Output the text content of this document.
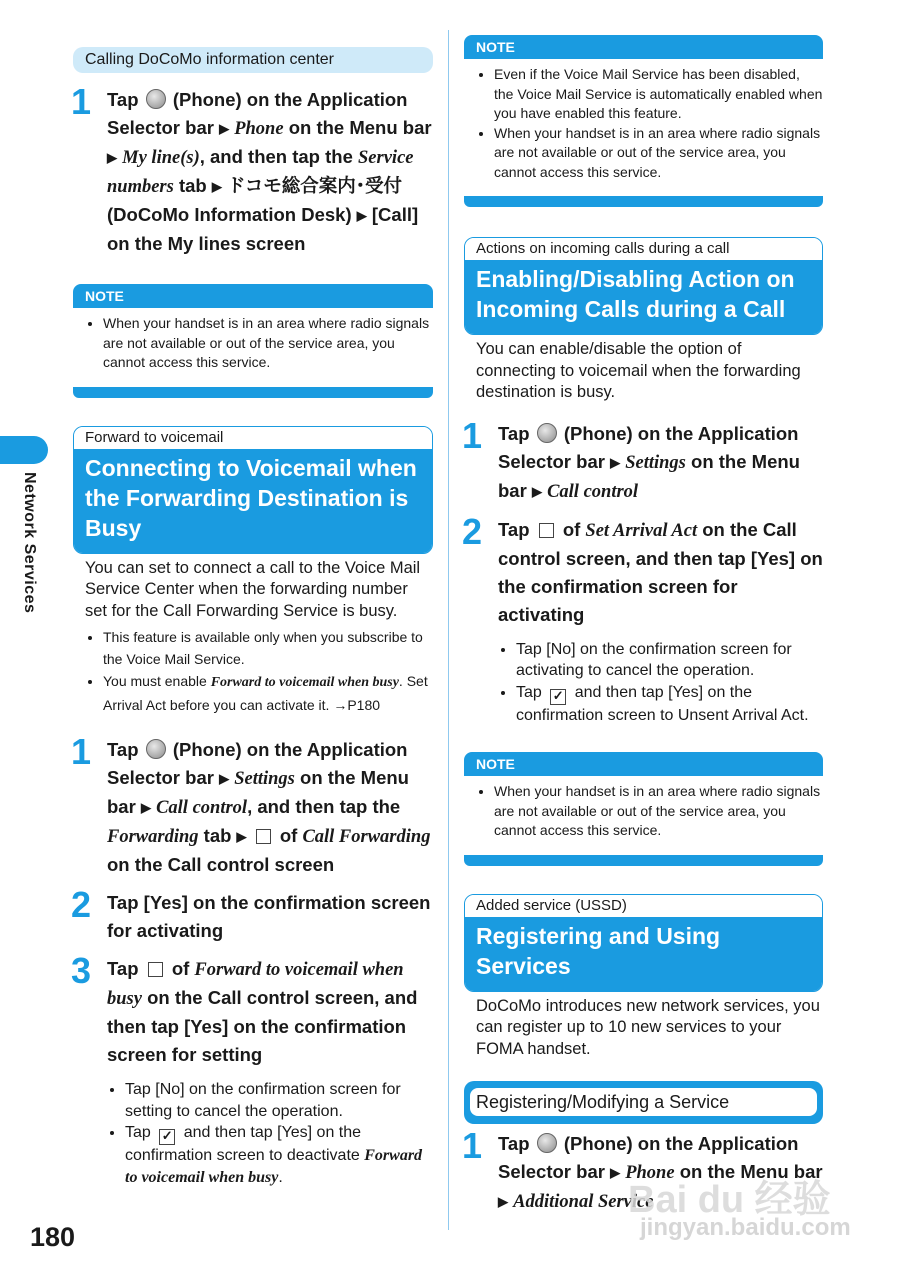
Network Services
Calling DoCoMo information center
1 Tap (Phone) on the Application Selector bar ▶ Phone on the Menu bar ▶ My line(s), and then tap the Service numbers tab ▶ ドコモ総合案内･受付(DoCoMo Information Desk) ▶ [Call] on the My lines screen
NOTE
• When your handset is in an area where radio signals are not available or out of the service area, you cannot access this service.
Forward to voicemail
Connecting to Voicemail when the Forwarding Destination is Busy
You can set to connect a call to the Voice Mail Service Center when the forwarding number set for the Call Forwarding Service is busy.
• This feature is available only when you subscribe to the Voice Mail Service.
• You must enable Forward to voicemail when busy. Set Arrival Act before you can activate it. →P180
1 Tap (Phone) on the Application Selector bar ▶ Settings on the Menu bar ▶ Call control, and then tap the Forwarding tab ▶ of Call Forwarding on the Call control screen
2 Tap [Yes] on the confirmation screen for activating
3 Tap of Forward to voicemail when busy on the Call control screen, and then tap [Yes] on the confirmation screen for setting
• Tap [No] on the confirmation screen for setting to cancel the operation.
• Tap ✓ and then tap [Yes] on the confirmation screen to deactivate Forward to voicemail when busy.
NOTE
• Even if the Voice Mail Service has been disabled, the Voice Mail Service is automatically enabled when you have enabled this feature.
• When your handset is in an area where radio signals are not available or out of the service area, you cannot access this service.
Actions on incoming calls during a call
Enabling/Disabling Action on Incoming Calls during a Call
You can enable/disable the option of connecting to voicemail when the forwarding destination is busy.
1 Tap (Phone) on the Application Selector bar ▶ Settings on the Menu bar ▶ Call control
2 Tap of Set Arrival Act on the Call control screen, and then tap [Yes] on the confirmation screen for activating
• Tap [No] on the confirmation screen for activating to cancel the operation.
• Tap ✓ and then tap [Yes] on the confirmation screen to Unsent Arrival Act.
NOTE
• When your handset is in an area where radio signals are not available or out of the service area, you cannot access this service.
Added service (USSD)
Registering and Using Services
DoCoMo introduces new network services, you can register up to 10 new services to your FOMA handset.
Registering/Modifying a Service
1 Tap (Phone) on the Application Selector bar ▶ Phone on the Menu bar ▶ Additional Service
180
Bai du 经验
jingyan.baidu.com
